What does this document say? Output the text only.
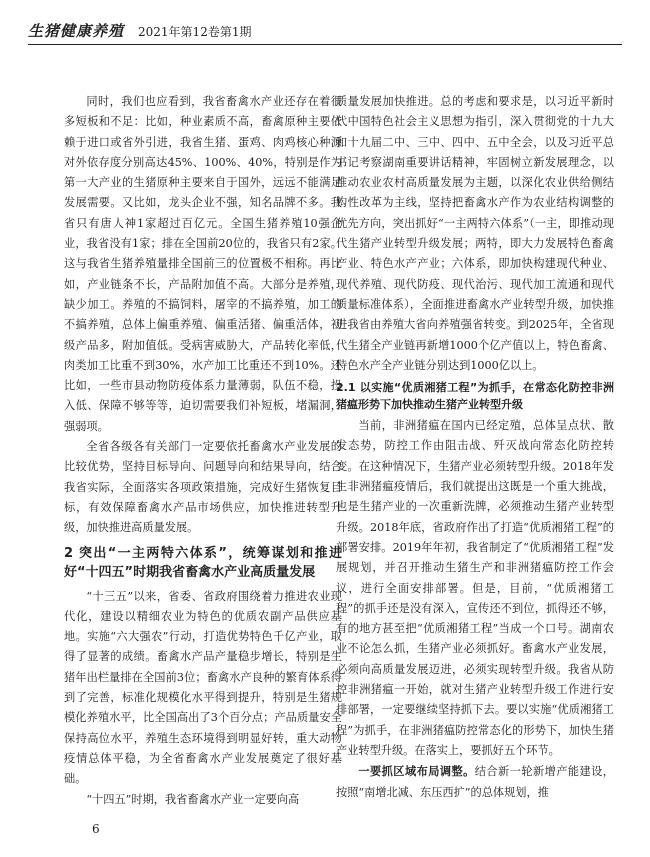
生猪健康养殖 2021年第12卷第1期

同时，我们也应看到，我省畜禽水产业还存在着很多短板和不足：比如，种业素质不高，畜禽原种主要依赖于进口或省外引进，我省生猪、蛋鸡、肉鸡核心种源对外依存度分别高达45%、100%、40%，特别是作为第一大产业的生猪原种主要来自于国外，远远不能满足发展需要。又比如，龙头企业不强，知名品牌不多。我省只有唐人神1家超过百亿元。全国生猪养殖10强企业，我省没有1家；排在全国前20位的，我省只有2家。这与我省生猪养殖量排全国前三的位置极不相称。再比如，产业链条不长，产品附加值不高。大部分是养殖，缺少加工。养殖的不搞饲料，屠宰的不搞养殖，加工的不搞养殖，总体上偏重养殖、偏重活猪、偏重活体，初级产品多，附加值低。受病害威胁大，产品转化率低，肉类加工比重不到30%，水产加工比重还不到10%。还比如，一些市县动物防疫体系力量薄弱，队伍不稳，投入低、保障不够等等，迫切需要我们补短板，堵漏洞，强弱项。

全省各级各有关部门一定要依托畜禽水产业发展的比较优势，坚持目标导向、问题导向和结果导向，结合我省实际，全面落实各项政策措施，完成好生猪恢复目标，有效保障畜禽水产品市场供应，加快推进转型升级，加快推进高质量发展。

2 突出“一主两特六体系”，统筹谋划和推进好“十四五”时期我省畜禽水产业高质量发展

“十三五”以来，省委、省政府围绕着力推进农业现代化，建设以精细农业为特色的优质农副产品供应基地。实施“六大强农”行动，打造优势特色千亿产业，取得了显著的成绩。畜禽水产品产量稳步增长，特别是生猪年出栏量排在全国前3位；畜禽水产良种的繁育体系得到了完善，标准化规模化水平得到提升，特别是生猪规模化养殖水平，比全国高出了3个百分点；产品质量安全保持高位水平，养殖生态环境得到明显好转，重大动物疫情总体平稳，为全省畜禽水产业发展奠定了很好基础。

“十四五”时期，我省畜禽水产业一定要向高

质量发展加快推进。总的考虑和要求是，以习近平新时代中国特色社会主义思想为指引，深入贯彻党的十九大和十九届二中、三中、四中、五中全会，以及习近平总书记考察湖南重要讲话精神，牢固树立新发展理念，以推动农业农村高质量发展为主题，以深化农业供给侧结构性改革为主线，坚持把畜禽水产作为农业结构调整的优先方向，突出抓好“一主两特六体系”（一主，即推动现代生猪产业转型升级发展；两特，即大力发展特色畜禽产业、特色水产产业；六体系，即加快构建现代种业、现代养殖、现代防疫、现代治污、现代加工流通和现代质量标准体系），全面推进畜禽水产业转型升级，加快推进我省由养殖大省向养殖强省转变。到2025年，全省现代生猪全产业链再新增1000个亿产值以上，特色畜禽、特色水产全产业链分别达到1000亿以上。

2.1 以实施“优质湘猪工程”为抓手，在常态化防控非洲猪瘟形势下加快推动生猪产业转型升级

当前，非洲猪瘟在国内已经定殖，总体呈点状、散发态势，防控工作由阻击战、歼灭战向常态化防控转变。在这种情况下，生猪产业必须转型升级。2018年发生非洲猪瘟疫情后，我们就提出这既是一个重大挑战，也是生猪产业的一次重新洗牌，必须推动生猪产业转型升级。2018年底，省政府作出了打造“优质湘猪工程”的部署安排。2019年年初，我省制定了“优质湘猪工程”发展规划，并召开推动生猪生产和非洲猪瘟防控工作会议，进行全面安排部署。但是，目前，“优质湘猪工程”的抓手还是没有深入，宣传还不到位，抓得还不够，有的地方甚至把“优质湘猪工程”当成一个口号。湖南农业不论怎么抓，生猪产业必须抓好。畜禽水产业发展，必须向高质量发展迈进，必须实现转型升级。我省从防控非洲猪瘟一开始，就对生猪产业转型升级工作进行安排部署，一定要继续坚持抓下去。要以实施“优质湘猪工程”为抓手，在非洲猪瘟防控常态化的形势下，加快生猪产业转型升级。在落实上，要抓好五个环节。

一要抓区域布局调整。结合新一轮新增产能建设，按照“南增北减、东压西扩”的总体规划，推

6
